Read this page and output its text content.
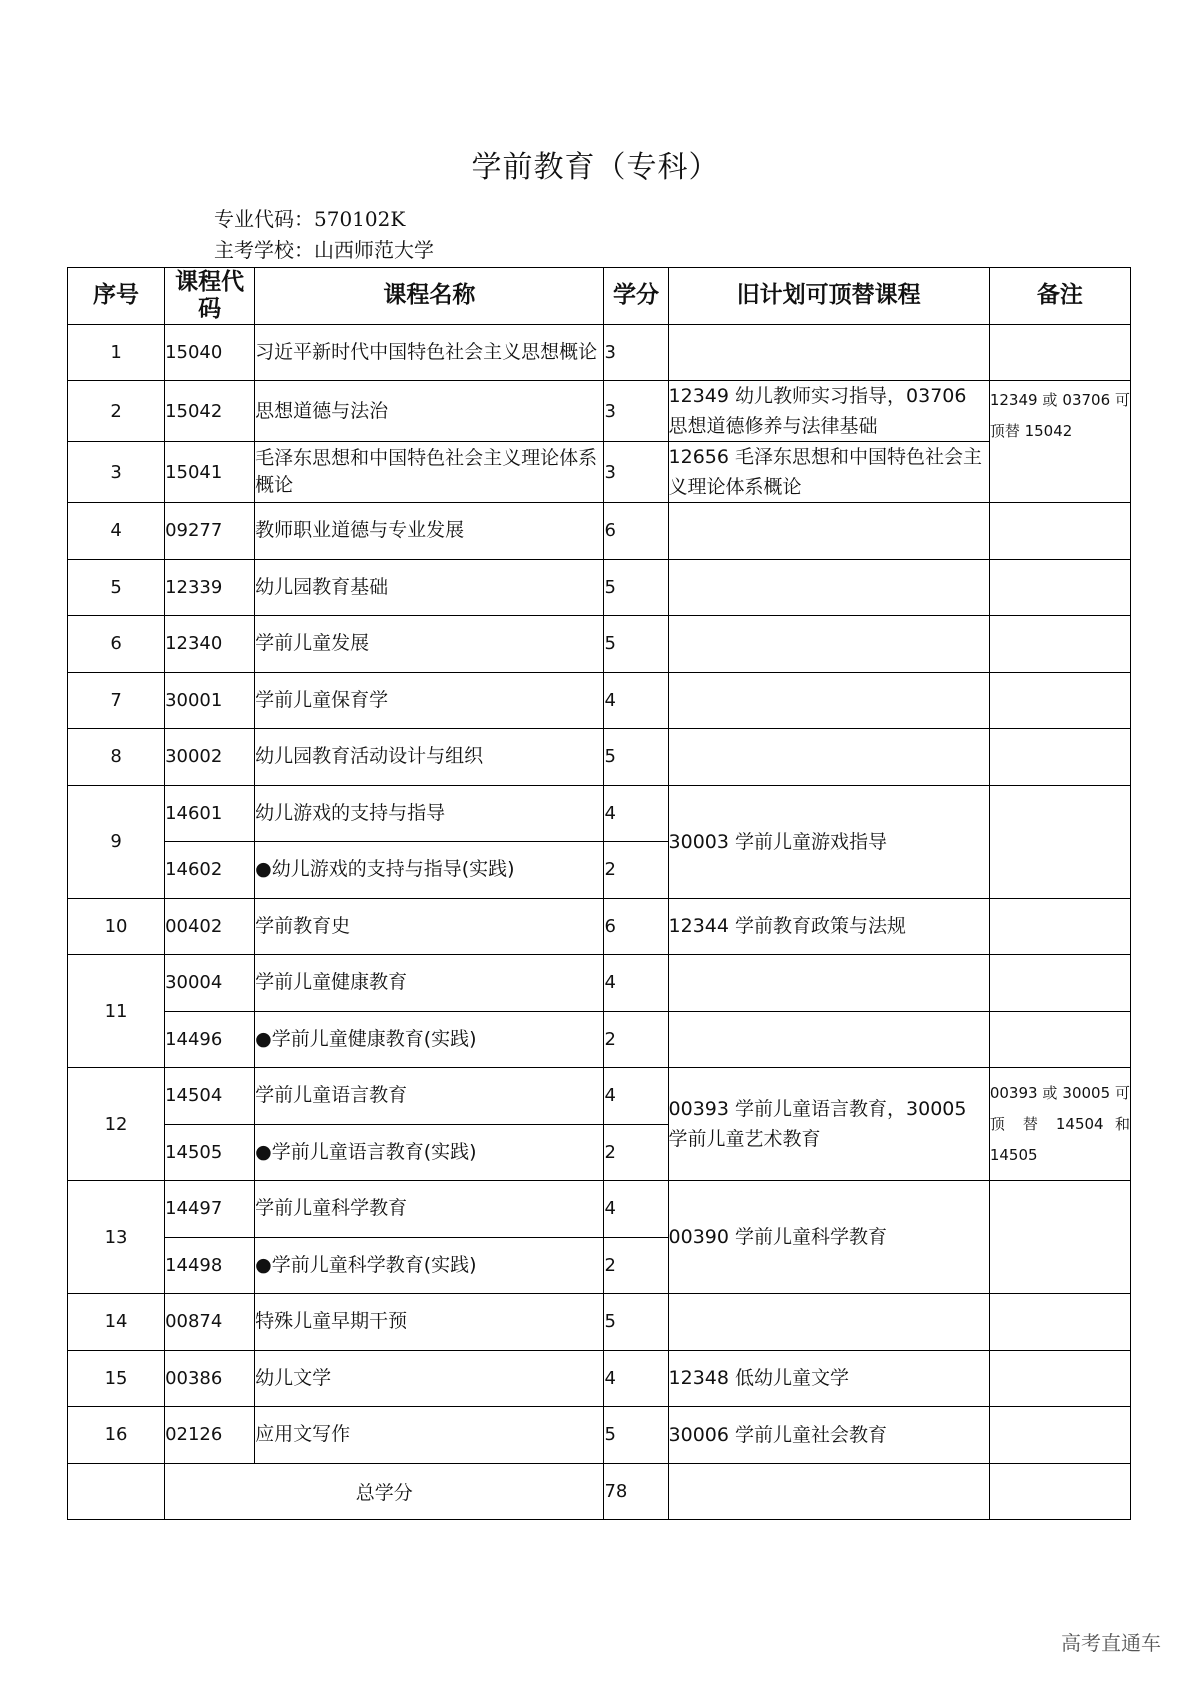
学前教育（专科）
专业代码：570102K
主考学校：山西师范大学
序号	课程代码	课程名称	学分	旧计划可顶替课程	备注
1	15040	习近平新时代中国特色社会主义思想概论	3		
2	15042	思想道德与法治	3	12349 幼儿教师实习指导，03706 思想道德修养与法律基础	12349 或 03706 可顶替 15042
3	15041	毛泽东思想和中国特色社会主义理论体系概论	3	12656 毛泽东思想和中国特色社会主义理论体系概论	
4	09277	教师职业道德与专业发展	6		
5	12339	幼儿园教育基础	5		
6	12340	学前儿童发展	5		
7	30001	学前儿童保育学	4		
8	30002	幼儿园教育活动设计与组织	5		
9	14601	幼儿游戏的支持与指导	4	30003 学前儿童游戏指导	
	14602	●幼儿游戏的支持与指导(实践)	2		
10	00402	学前教育史	6	12344 学前教育政策与法规	
11	30004	学前儿童健康教育	4		
	14496	●学前儿童健康教育(实践)	2		
12	14504	学前儿童语言教育	4	00393 学前儿童语言教育，30005 学前儿童艺术教育	00393 或 30005 可 顶 替 14504 和 14505
	14505	●学前儿童语言教育(实践)	2		
13	14497	学前儿童科学教育	4	00390 学前儿童科学教育	
	14498	●学前儿童科学教育(实践)	2		
14	00874	特殊儿童早期干预	5		
15	00386	幼儿文学	4	12348 低幼儿童文学	
16	02126	应用文写作	5	30006 学前儿童社会教育	
	总学分		78		
高考直通车
